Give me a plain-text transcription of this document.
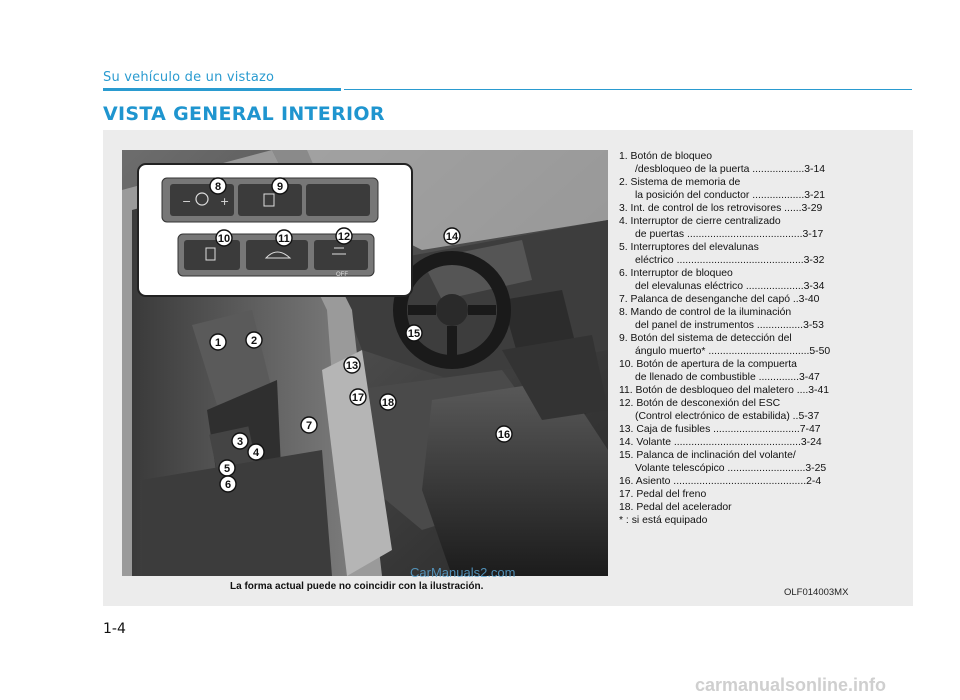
Su vehículo de un vistazo
VISTA GENERAL INTERIOR
−	+
1	2
3
4
5
6
7
8	9
10	11	12
13
14
15
16
17 18
OFF
La forma actual puede no coincidir con la ilustración.
OLF014003MX
CarManuals2.com
1. Botón de bloqueo
/desbloqueo de la puerta ..................3-14
2. Sistema de memoria de
la posición del conductor ..................3-21
3. Int. de control de los retrovisores ......3-29
4. Interruptor de cierre centralizado
de puertas ........................................3-17
5. Interruptores del elevalunas
eléctrico ............................................3-32
6. Interruptor de bloqueo
del elevalunas eléctrico ....................3-34
7. Palanca de desenganche del capó ..3-40
8. Mando de control de la iluminación
del panel de instrumentos ................3-53
9. Botón del sistema de detección del
ángulo muerto* ...................................5-50
10. Botón de apertura de la compuerta
de llenado de combustible ..............3-47
11. Botón de desbloqueo del maletero ....3-41
12. Botón de desconexión del ESC
(Control electrónico de estabilida) ..5-37
13. Caja de fusibles ..............................7-47
14. Volante ............................................3-24
15. Palanca de inclinación del volante/
Volante telescópico ...........................3-25
16. Asiento ..............................................2-4
17. Pedal del freno
18. Pedal del acelerador
* : si está equipado
1-4
carmanualsonline.info
